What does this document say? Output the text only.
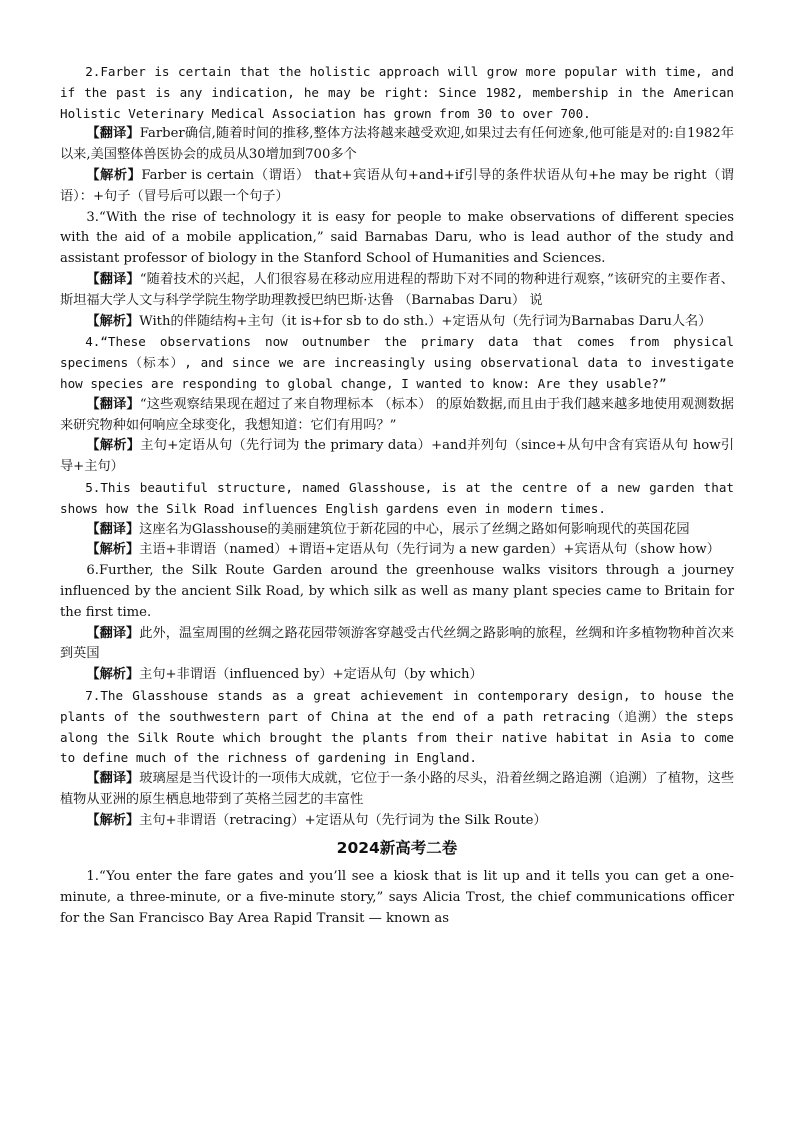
2.Farber is certain that the holistic approach will grow more popular with time, and if the past is any indication, he may be right: Since 1982, membership in the American Holistic Veterinary Medical Association has grown from 30 to over 700.

【翻译】Farber确信,随着时间的推移,整体方法将越来越受欢迎,如果过去有任何迹象,他可能是对的:自1982年以来,美国整体兽医协会的成员从30增加到700多个

【解析】Farber is certain（谓语） that+宾语从句+and+if引导的条件状语从句+he may be right（谓语）：+句子（冒号后可以跟一个句子）

3.“With the rise of technology it is easy for people to make observations of different species with the aid of a mobile application,” said Barnabas Daru, who is lead author of the study and assistant professor of biology in the Stanford School of Humanities and Sciences.

【翻译】“随着技术的兴起，人们很容易在移动应用进程的帮助下对不同的物种进行观察，”该研究的主要作者、斯坦福大学人文与科学学院生物学助理教授巴纳巴斯·达鲁 （Barnabas Daru） 说

【解析】With的伴随结构+主句（it is+for sb to do sth.）+定语从句（先行词为Barnabas Daru人名）

4.“These observations now outnumber the primary data that comes from physical specimens（标本）, and since we are increasingly using observational data to investigate how species are responding to global change, I wanted to know: Are they usable?”

【翻译】“这些观察结果现在超过了来自物理标本 （标本） 的原始数据,而且由于我们越来越多地使用观测数据来研究物种如何响应全球变化，我想知道：它们有用吗？”

【解析】主句+定语从句（先行词为 the primary data）+and并列句（since+从句中含有宾语从句 how引导+主句）

5.This beautiful structure, named Glasshouse, is at the centre of a new garden that shows how the Silk Road influences English gardens even in modern times.

【翻译】这座名为Glasshouse的美丽建筑位于新花园的中心，展示了丝绸之路如何影响现代的英国花园

【解析】主语+非谓语（named）+谓语+定语从句（先行词为 a new garden）+宾语从句（show how）

6.Further, the Silk Route Garden around the greenhouse walks visitors through a journey influenced by the ancient Silk Road, by which silk as well as many plant species came to Britain for the first time.

【翻译】此外，温室周围的丝绸之路花园带领游客穿越受古代丝绸之路影响的旅程，丝绸和许多植物物种首次来到英国

【解析】主句+非谓语（influenced by）+定语从句（by which）

7.The Glasshouse stands as a great achievement in contemporary design, to house the plants of the southwestern part of China at the end of a path retracing（追溯）the steps along the Silk Route which brought the plants from their native habitat in Asia to come to define much of the richness of gardening in England.

【翻译】玻璃屋是当代设计的一项伟大成就，它位于一条小路的尽头，沿着丝绸之路追溯（追溯）了植物，这些植物从亚洲的原生栖息地带到了英格兰园艺的丰富性

【解析】主句+非谓语（retracing）+定语从句（先行词为 the Silk Route）

2024新高考二卷

1.“You enter the fare gates and you’ll see a kiosk that is lit up and it tells you can get a one-minute, a three-minute, or a five-minute story,” says Alicia Trost, the chief communications officer for the San Francisco Bay Area Rapid Transit — known as
